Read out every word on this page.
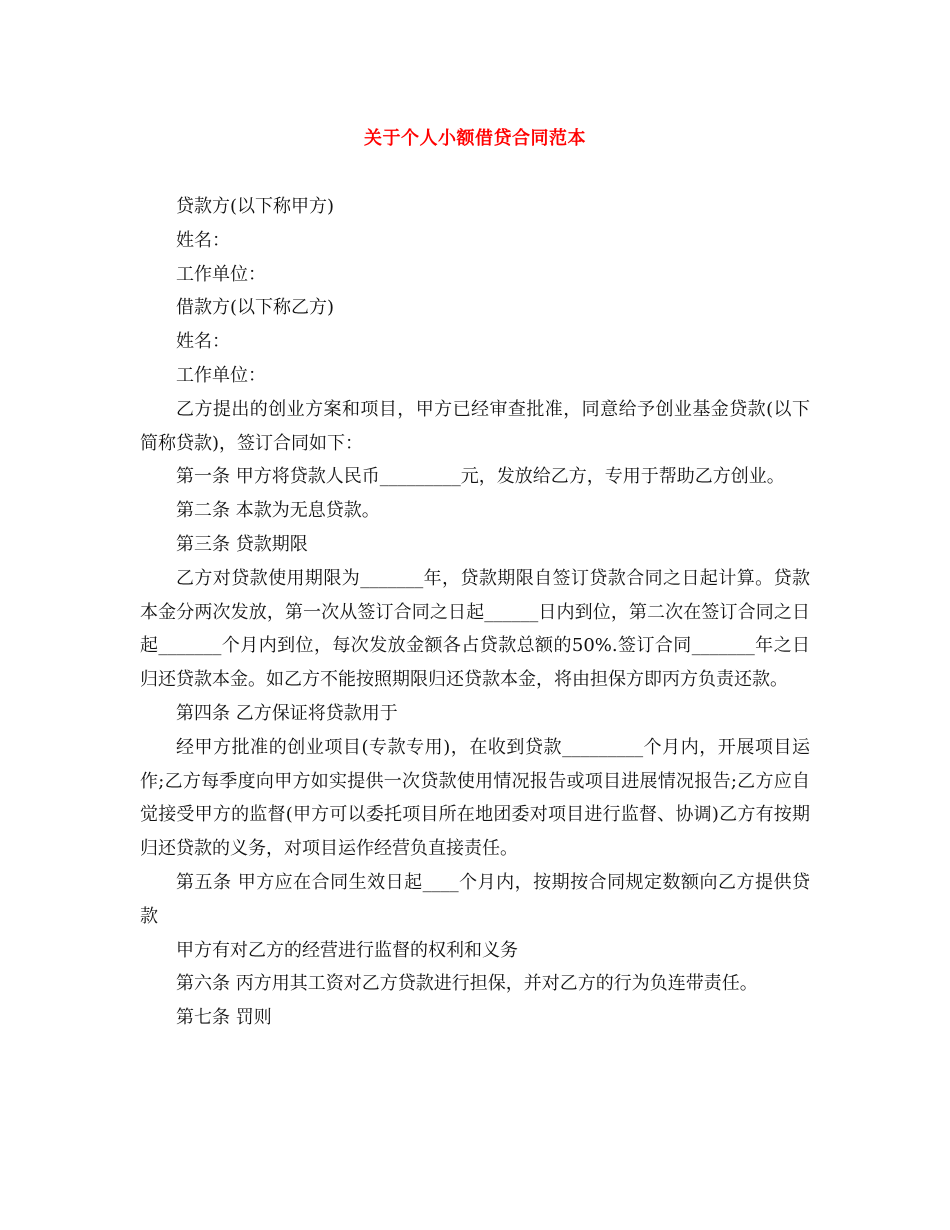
关于个人小额借贷合同范本

贷款方(以下称甲方)

姓名：

工作单位：

借款方(以下称乙方)

姓名：

工作单位：

乙方提出的创业方案和项目，甲方已经审查批准，同意给予创业基金贷款(以下简称贷款)，签订合同如下：

第一条 甲方将贷款人民币_________元，发放给乙方，专用于帮助乙方创业。

第二条 本款为无息贷款。

第三条 贷款期限

乙方对贷款使用期限为_______年，贷款期限自签订贷款合同之日起计算。贷款本金分两次发放，第一次从签订合同之日起______日内到位，第二次在签订合同之日起_______个月内到位，每次发放金额各占贷款总额的50%.签订合同_______年之日归还贷款本金。如乙方不能按照期限归还贷款本金，将由担保方即丙方负责还款。

第四条 乙方保证将贷款用于

经甲方批准的创业项目(专款专用)，在收到贷款_________个月内，开展项目运作;乙方每季度向甲方如实提供一次贷款使用情况报告或项目进展情况报告;乙方应自觉接受甲方的监督(甲方可以委托项目所在地团委对项目进行监督、协调)乙方有按期归还贷款的义务，对项目运作经营负直接责任。

第五条 甲方应在合同生效日起____个月内，按期按合同规定数额向乙方提供贷款

甲方有对乙方的经营进行监督的权利和义务

第六条 丙方用其工资对乙方贷款进行担保，并对乙方的行为负连带责任。

第七条 罚则
